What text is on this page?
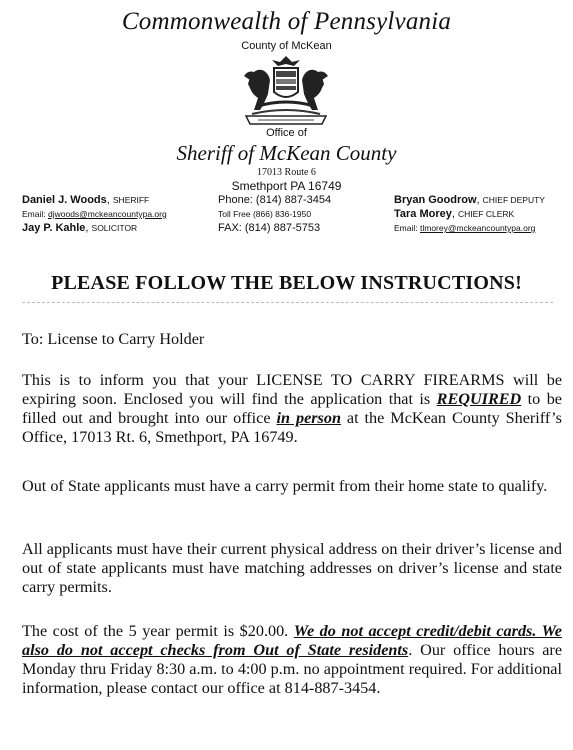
Commonwealth of Pennsylvania
County of McKean
Office of
Sheriff of McKean County
17013 Route 6
Smethport PA 16749
Daniel J. Woods, SHERIFF
Email: djwoods@mckeancountypa.org
Jay P. Kahle, SOLICITOR
Phone: (814) 887-3454
Toll Free (866) 836-1950
FAX: (814) 887-5753
Bryan Goodrow, CHIEF DEPUTY
Tara Morey, CHIEF CLERK
Email: tlmorey@mckeancountypa.org
PLEASE FOLLOW THE BELOW INSTRUCTIONS!

To: License to Carry Holder

This is to inform you that your LICENSE TO CARRY FIREARMS will be expiring soon. Enclosed you will find the application that is REQUIRED to be filled out and brought into our office in person at the McKean County Sheriff’s Office, 17013 Rt. 6, Smethport, PA 16749.

Out of State applicants must have a carry permit from their home state to qualify.

All applicants must have their current physical address on their driver’s license and out of state applicants must have matching addresses on driver’s license and state carry permits.

The cost of the 5 year permit is $20.00. We do not accept credit/debit cards. We also do not accept checks from Out of State residents. Our office hours are Monday thru Friday 8:30 a.m. to 4:00 p.m. no appointment required. For additional information, please contact our office at 814-887-3454.
